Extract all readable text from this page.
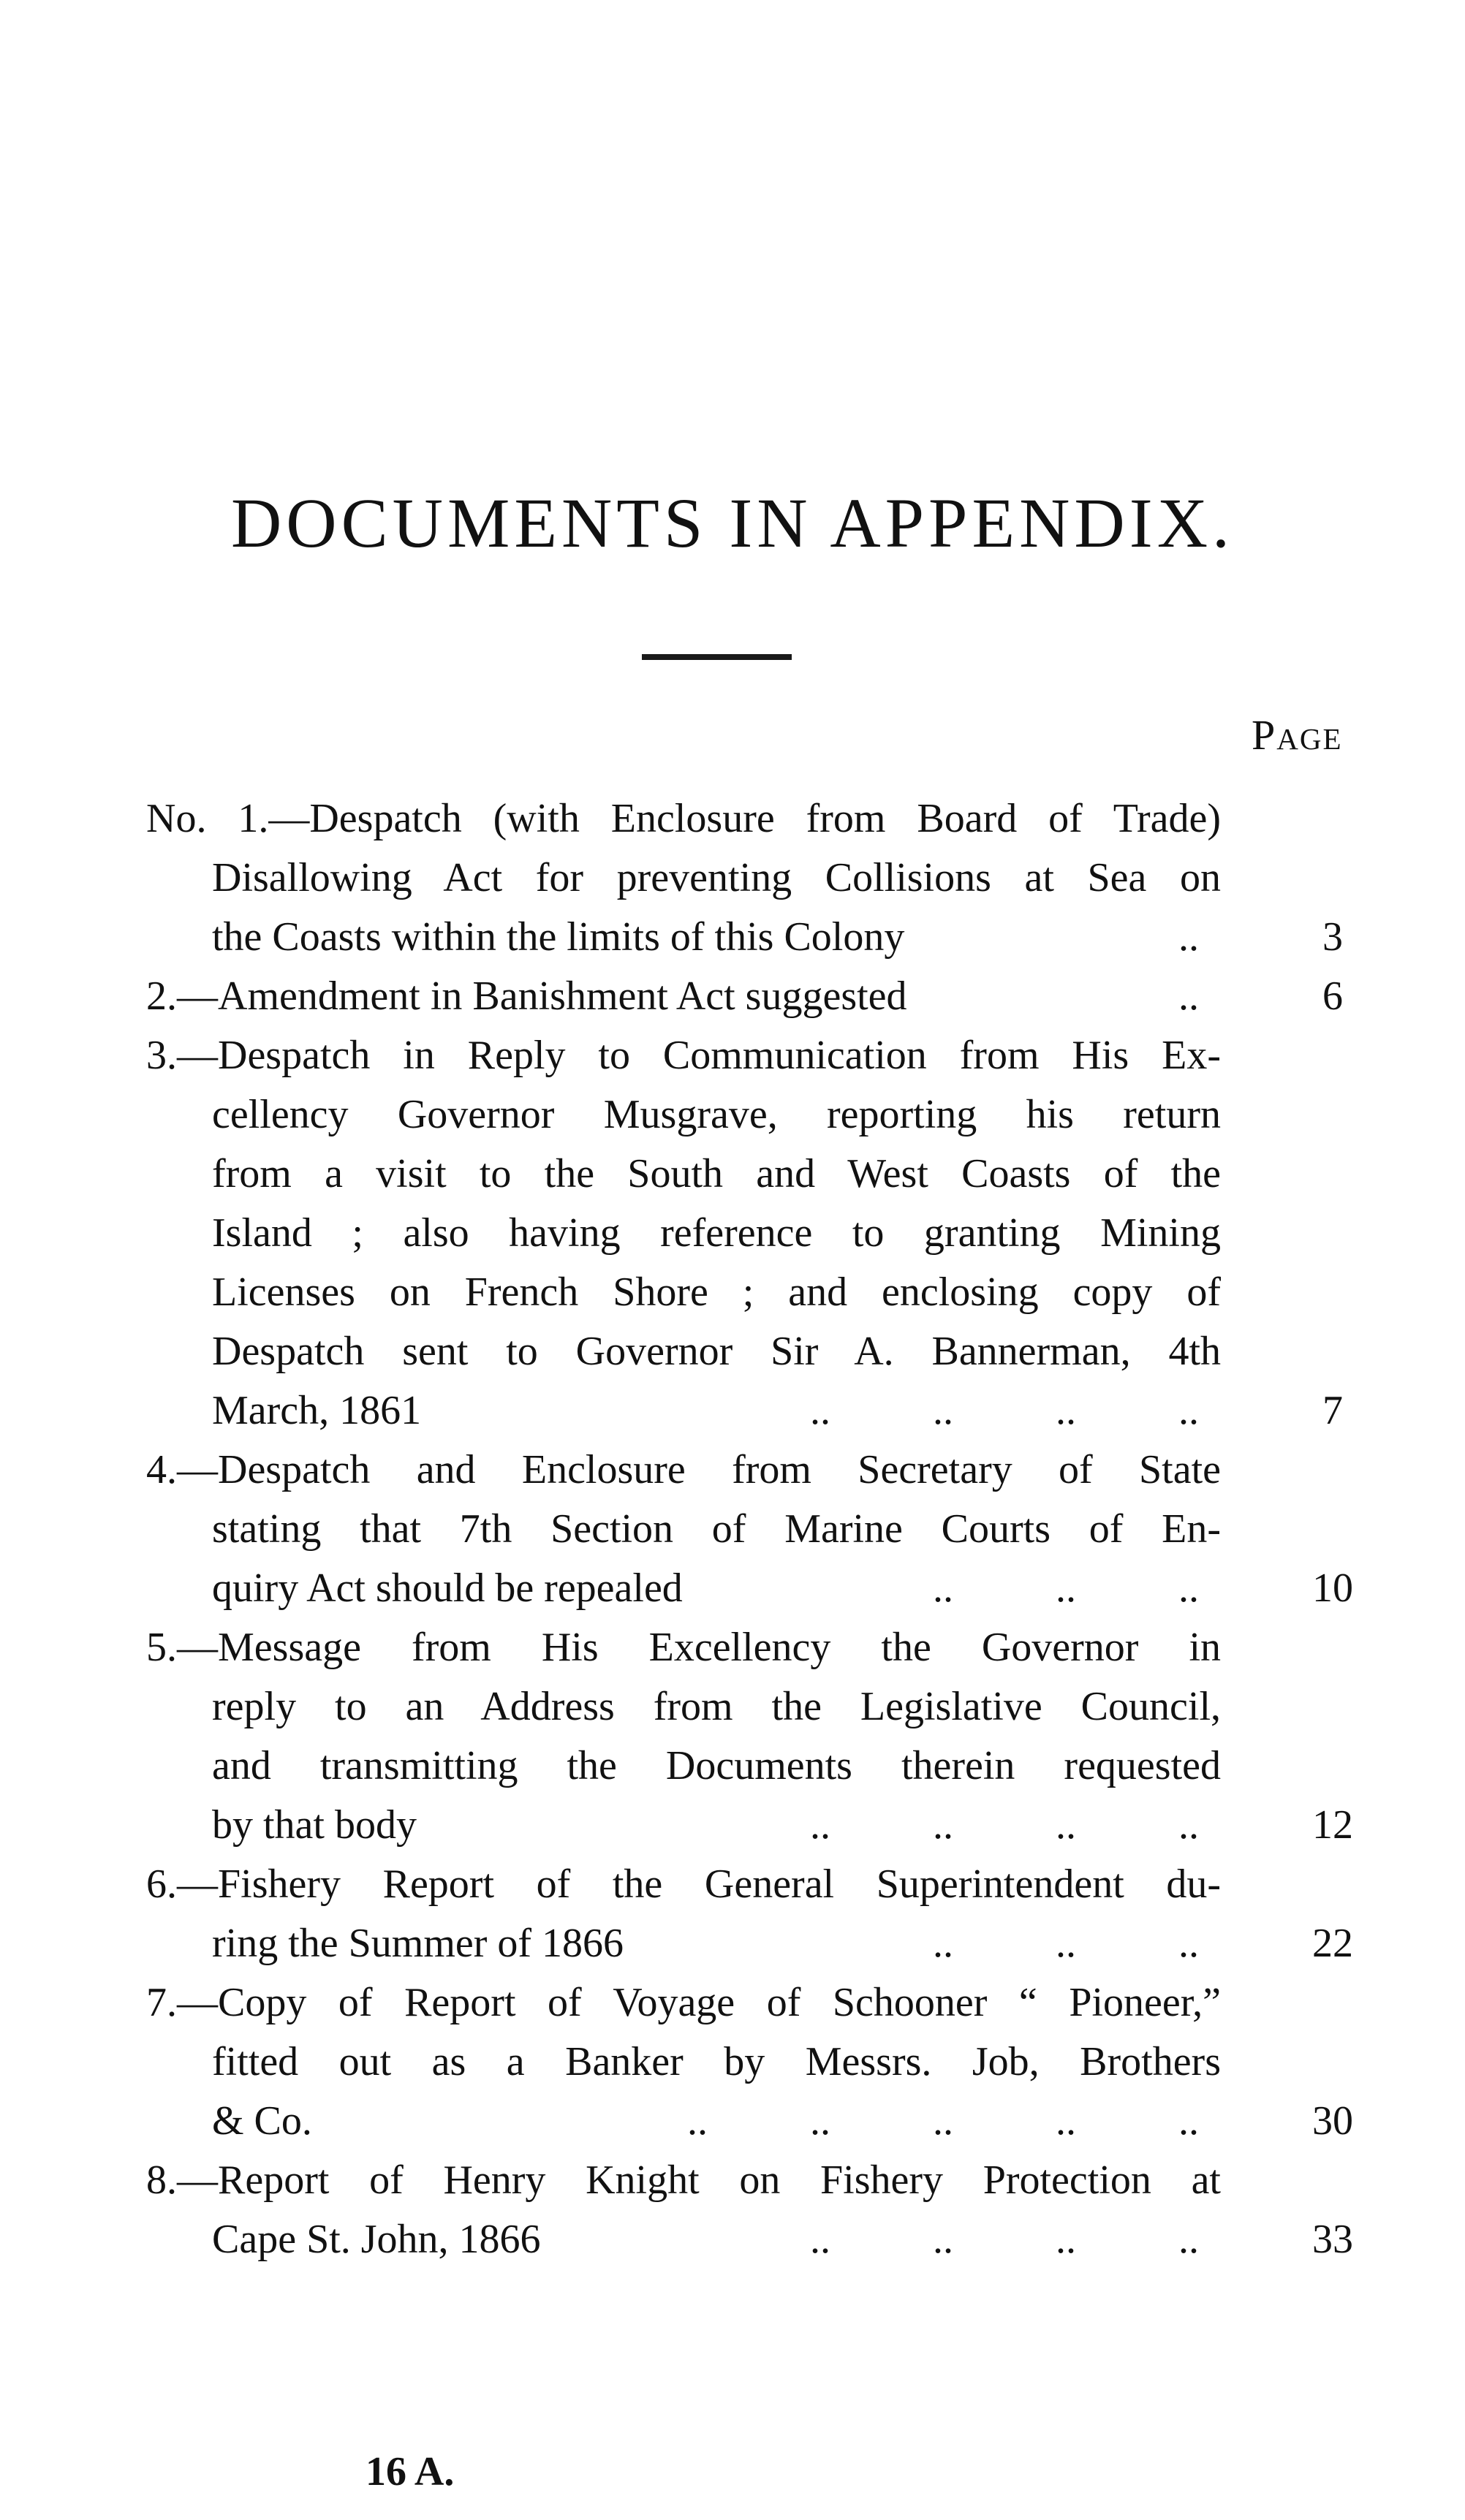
DOCUMENTS IN APPENDIX.
Page
No. 1.—Despatch (with Enclosure from Board of Trade)
Disallowing Act for preventing Collisions at Sea on
the Coasts within the limits of this Colony	..	3
2.—Amendment in Banishment Act suggested	..	6
3.—Despatch in Reply to Communication from His Ex-
cellency Governor Musgrave, reporting his return
from a visit to the South and West Coasts of the
Island ; also having reference to granting Mining
Licenses on French Shore ; and enclosing copy of
Despatch sent to Governor Sir A. Bannerman, 4th
March, 1861	..          ..          ..          ..	7
4.—Despatch and Enclosure from Secretary of State
stating that 7th Section of Marine Courts of En-
quiry Act should be repealed	..          ..          ..	10
5.—Message from His Excellency the Governor in
reply to an Address from the Legislative Council,
and transmitting the Documents therein requested
by that body	..          ..          ..          ..	12
6.—Fishery Report of the General Superintendent du-
ring the Summer of 1866	..          ..          ..	22
7.—Copy of Report of Voyage of Schooner “ Pioneer,”
fitted out as a Banker by Messrs. Job, Brothers
& Co.	..          ..          ..          ..          ..	30
8.—Report of Henry Knight on Fishery Protection at
Cape St. John, 1866	..          ..          ..          ..	33
16 A.
